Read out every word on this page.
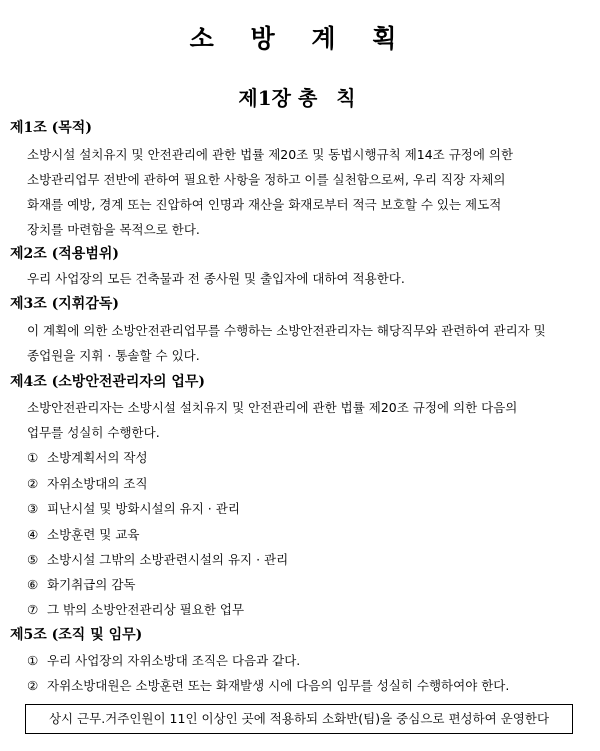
소 방 계 획
제1장 총 칙
제1조 (목적)
소방시설 설치유지 및 안전관리에 관한 법률 제20조 및 동법시행규칙 제14조 규정에 의한
소방관리업무 전반에 관하여 필요한 사항을 정하고 이를 실천함으로써, 우리 직장 자체의
화재를 예방, 경계 또는 진압하여 인명과 재산을 화재로부터 적극 보호할 수 있는 제도적
장치를 마련함을 목적으로 한다.
제2조 (적용범위)
우리 사업장의 모든 건축물과 전 종사원 및 출입자에 대하여 적용한다.
제3조 (지휘감독)
이 계획에 의한 소방안전관리업무를 수행하는 소방안전관리자는 해당직무와 관련하여 관리자 및
종업원을 지휘 · 통솔할 수 있다.
제4조 (소방안전관리자의 업무)
소방안전관리자는 소방시설 설치유지 및 안전관리에 관한 법률 제20조 규정에 의한 다음의
업무를 성실히 수행한다.
① 소방계획서의 작성
② 자위소방대의 조직
③ 피난시설 및 방화시설의 유지 · 관리
④ 소방훈련 및 교육
⑤ 소방시설 그밖의 소방관련시설의 유지 · 관리
⑥ 화기취급의 감독
⑦ 그 밖의 소방안전관리상 필요한 업무
제5조 (조직 및 임무)
① 우리 사업장의 자위소방대 조직은 다음과 같다.
② 자위소방대원은 소방훈련 또는 화재발생 시에 다음의 임무를 성실히 수행하여야 한다.
상시 근무.거주인원이 11인 이상인 곳에 적용하되 소화반(팀)을 중심으로 편성하여 운영한다
